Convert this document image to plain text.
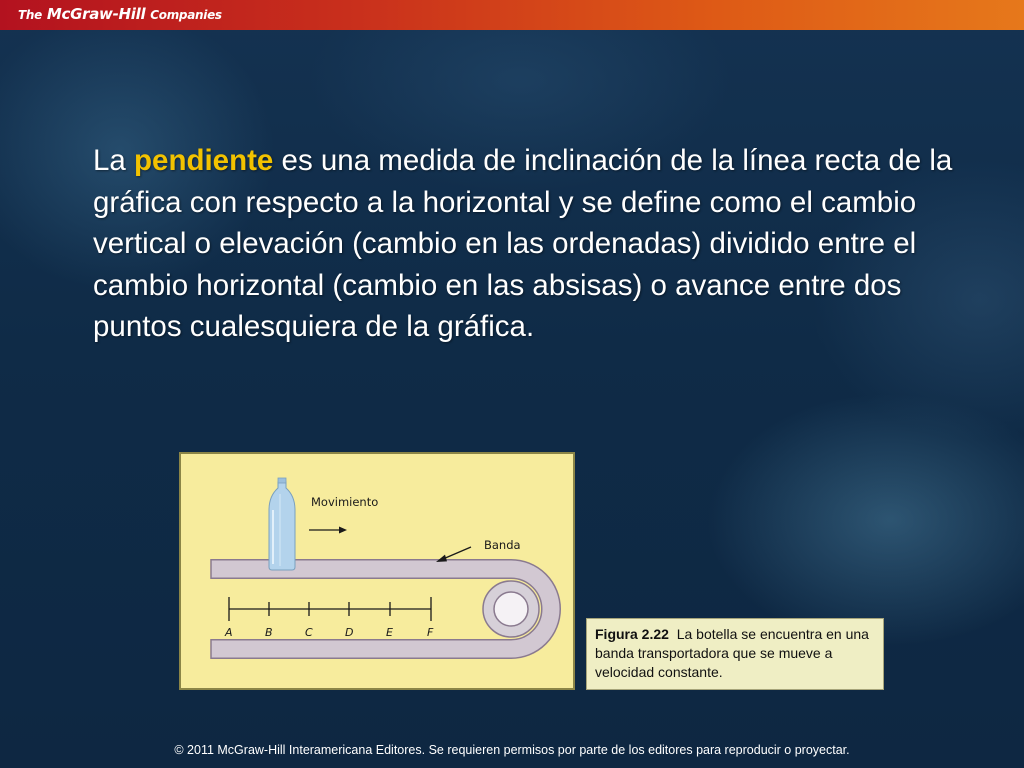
The McGraw-Hill Companies
La pendiente es una medida de inclinación de la línea recta de la gráfica con respecto a la horizontal y se define como el cambio vertical o elevación (cambio en las ordenadas) dividido entre el cambio horizontal (cambio en las absisas) o avance entre dos puntos cualesquiera de la gráfica.
Movimiento
Banda
A	B	C	D	E	F	Figura 2.22 La botella se encuentra en una banda transportadora que se mueve a velocidad constante.
© 2011 McGraw-Hill Interamericana Editores. Se requieren permisos por parte de los editores para reproducir o proyectar.
